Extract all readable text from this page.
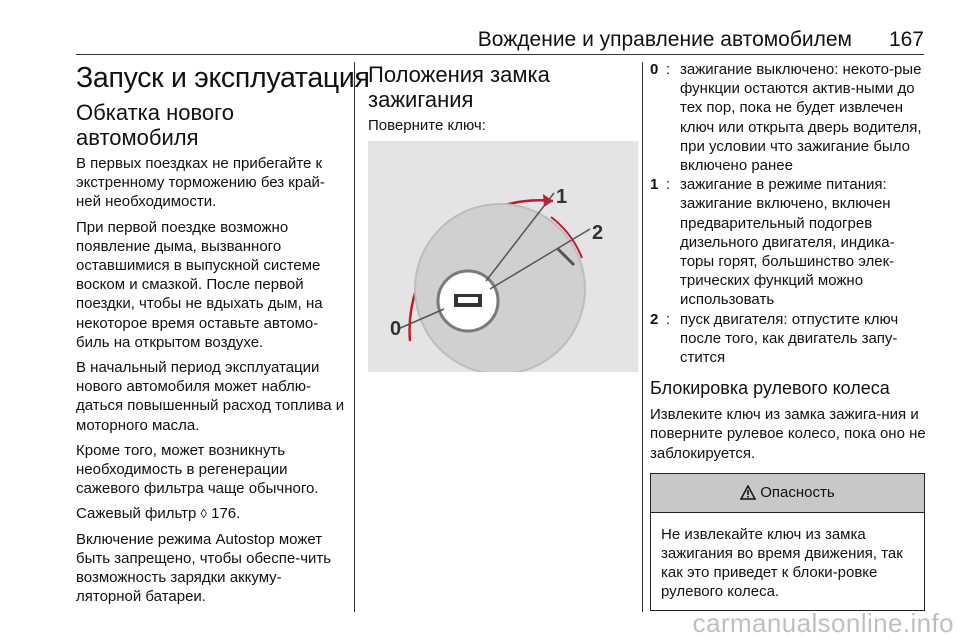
Вождение и управление автомобилем 167
Запуск и эксплуатация
Обкатка нового автомобиля

В первых поездках не прибегайте к экстренному торможению без край-ней необходимости.

При первой поездке возможно появление дыма, вызванного оставшимися в выпускной системе воском и смазкой. После первой поездки, чтобы не вдыхать дым, на некоторое время оставьте автомо-биль на открытом воздухе.

В начальный период эксплуатации нового автомобиля может наблю-даться повышенный расход топлива и моторного масла.

Кроме того, может возникнуть необходимость в регенерации сажевого фильтра чаще обычного.

Сажевый фильтр ◊ 176.

Включение режима Autostop может быть запрещено, чтобы обеспе-чить возможность зарядки аккуму-ляторной батареи.

Положения замка зажигания

Поверните ключ:

1
2
0
0 : зажигание выключено: некото-рые функции остаются актив-ными до тех пор, пока не будет извлечен ключ или открыта дверь водителя, при условии что зажигание было включено ранее
1 : зажигание в режиме питания: зажигание включено, включен предварительный подогрев дизельного двигателя, индика-торы горят, большинство элек-трических функций можно использовать
2 : пуск двигателя: отпустите ключ после того, как двигатель запу-стится
Блокировка рулевого колеса

Извлеките ключ из замка зажига-ния и поверните рулевое колесо, пока оно не заблокируется.

Опасность
Не извлекайте ключ из замка зажигания во время движения, так как это приведет к блоки-ровке рулевого колеса.
carmanualsonline.info
